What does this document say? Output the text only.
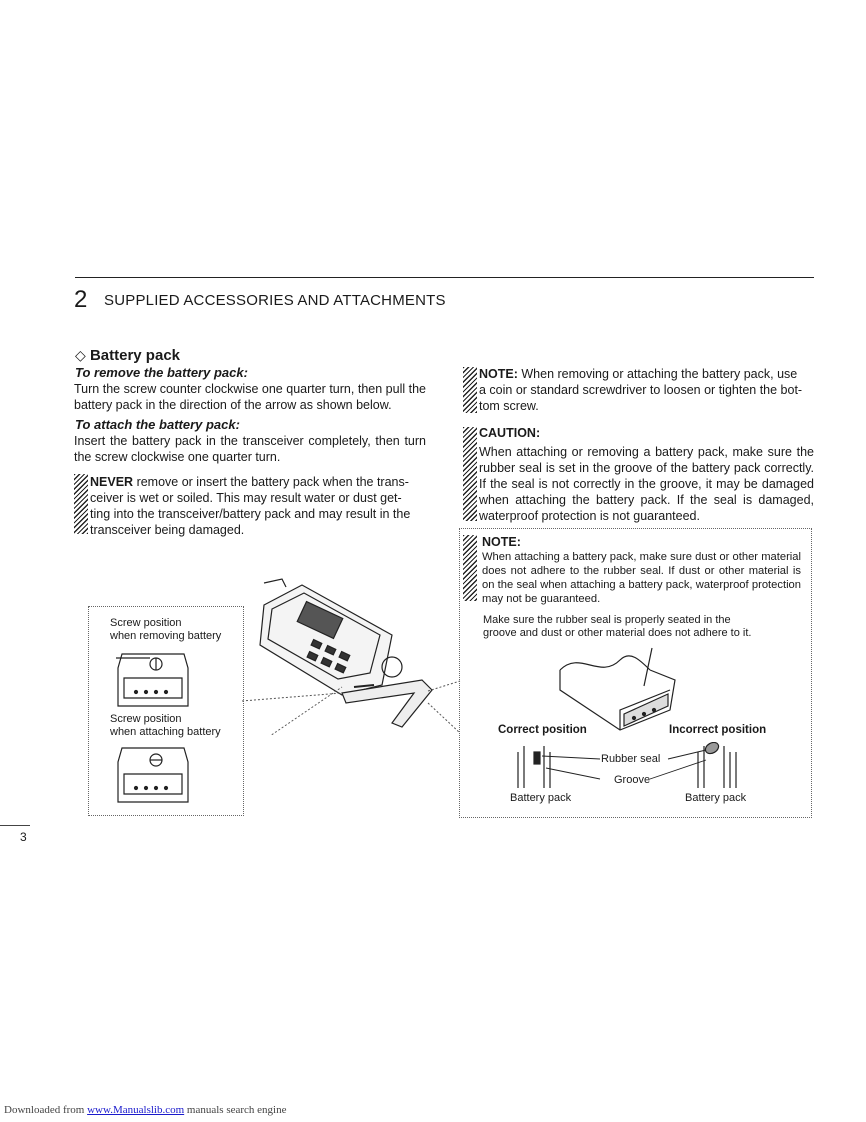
2 SUPPLIED ACCESSORIES AND ATTACHMENTS
◇ Battery pack
To remove the battery pack:
Turn the screw counter clockwise one quarter turn, then pull the battery pack in the direction of the arrow as shown below.
To attach the battery pack:
Insert the battery pack in the transceiver completely, then turn the screw clockwise one quarter turn.
NEVER remove or insert the battery pack when the trans-
ceiver is wet or soiled. This may result water or dust get-
ting into the transceiver/battery pack and may result in the
transceiver being damaged.
NOTE: When removing or attaching the battery pack, use
a coin or standard screwdriver to loosen or tighten the bot-
tom screw.
CAUTION:
When attaching or removing a battery pack, make sure the rubber seal is set in the groove of the battery pack correctly. If the seal is not correctly in the groove, it may be damaged when attaching the battery pack. If the seal is damaged, waterproof protection is not guaranteed.
Screw position
when removing battery
Screw position
when attaching battery
NOTE:
When attaching a battery pack, make sure dust or other material does not adhere to the rubber seal. If dust or other material is on the seal when attaching a battery pack, waterproof protection may not be guaranteed.
Make sure the rubber seal is properly seated in the
groove and dust or other material does not adhere to it.
Correct position	Incorrect position
Rubber seal
Groove
Battery pack	Battery pack
3
Downloaded from www.Manualslib.com manuals search engine
